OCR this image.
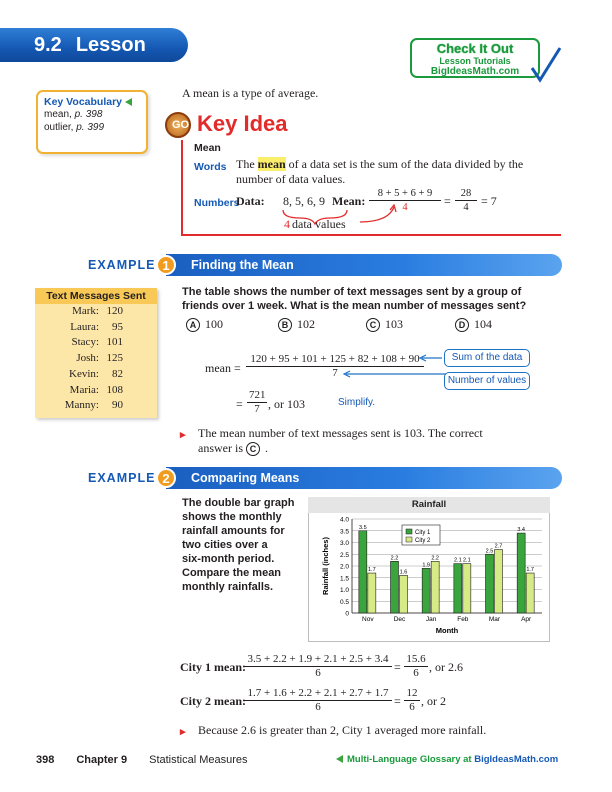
9.2 Lesson	Check It Out
Lesson Tutorials
BigIdeasMath.com
Key Vocabulary
mean, p. 398
outlier, p. 399
A mean is a type of average.
GO Key Idea
Mean
Words The mean of a data set is the sum of the data divided by the number of data values.
Numbers
Data: 8, 5, 6, 9 Mean: $\frac{8 + 5 + 6 + 9}{4} = \frac{28}{4} = 7$
4 data values
EXAMPLE 1	Finding the Mean
Text Messages Sent
Mark: 120
Laura: 95
Stacy: 101
Josh: 125
Kevin: 82
Maria: 108
Manny: 90
The table shows the number of text messages sent by a group of
friends over 1 week. What is the mean number of messages sent?
A 100	B 102	C 103	D 104
mean = $\frac{120 + 95 + 101 + 125 + 82 + 108 + 90}{7}$	Sum of the data
Number of values
= $\frac{721}{7}$ , or 103	Simplify.
▸ The mean number of text messages sent is 103. The correct
answer is C .
EXAMPLE 2	Comparing Means
The double bar graph
shows the monthly
rainfall amounts for
two cities over a
six-month period.
Compare the mean
monthly rainfalls.
Rainfall
0
0.5
1.0
1.5
2.0
2.5
3.0
3.5
4.0
3.5
1.7
Nov
2.2
1.6
Dec
1.9
2.2
Jan
2.1 2.1
Feb
2.5
2.7
Mar
3.4
1.7
Apr
Month
Rainfall (inches)
City 1
City 2
City 1 mean:
$\frac{3.5 + 2.2 + 1.9 + 2.1 + 2.5 + 3.4}{6} = \frac{15.6}{6}$ , or 2.6
City 2 mean:
$\frac{1.7 + 1.6 + 2.2 + 2.1 + 2.7 + 1.7}{6} = \frac{12}{6}$ , or 2
▸ Because 2.6 is greater than 2, City 1 averaged more rainfall.
398 Chapter 9 Statistical Measures	Multi-Language Glossary at BigIdeasMath.com
